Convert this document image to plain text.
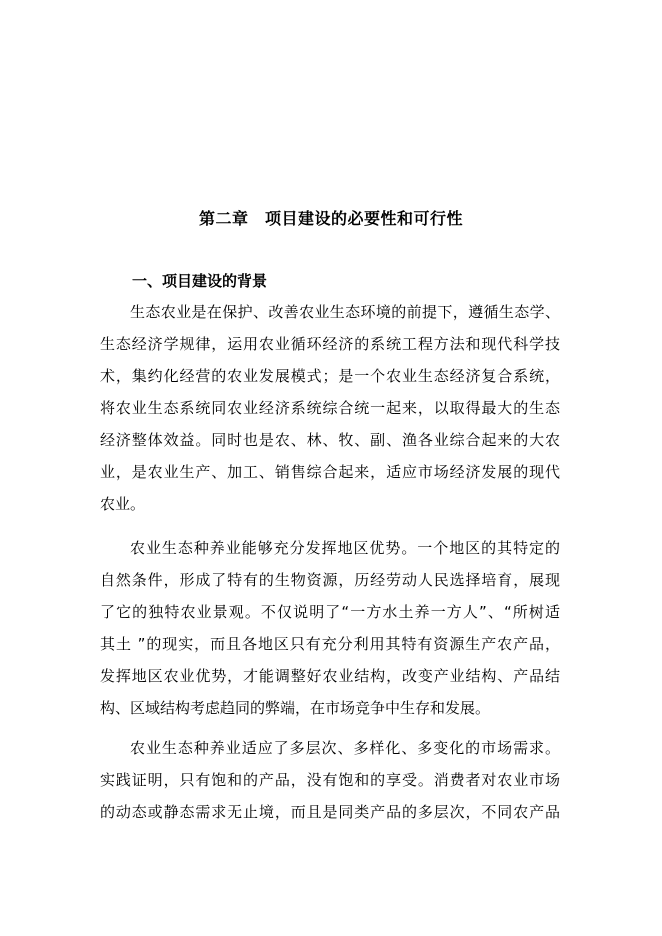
第二章　项目建设的必要性和可行性
一、项目建设的背景
生态农业是在保护、改善农业生态环境的前提下，遵循生态学、
生态经济学规律，运用农业循环经济的系统工程方法和现代科学技
术，集约化经营的农业发展模式；是一个农业生态经济复合系统，
将农业生态系统同农业经济系统综合统一起来，以取得最大的生态
经济整体效益。同时也是农、林、牧、副、渔各业综合起来的大农
业，是农业生产、加工、销售综合起来，适应市场经济发展的现代
农业。
农业生态种养业能够充分发挥地区优势。一个地区的其特定的
自然条件，形成了特有的生物资源，历经劳动人民选择培育，展现
了它的独特农业景观。不仅说明了“一方水土养一方人”、“所树适
其土 ”的现实，而且各地区只有充分利用其特有资源生产农产品，
发挥地区农业优势，才能调整好农业结构，改变产业结构、产品结
构、区域结构考虑趋同的弊端，在市场竞争中生存和发展。
农业生态种养业适应了多层次、多样化、多变化的市场需求。
实践证明，只有饱和的产品，没有饱和的享受。消费者对农业市场
的动态或静态需求无止境，而且是同类产品的多层次，不同农产品
